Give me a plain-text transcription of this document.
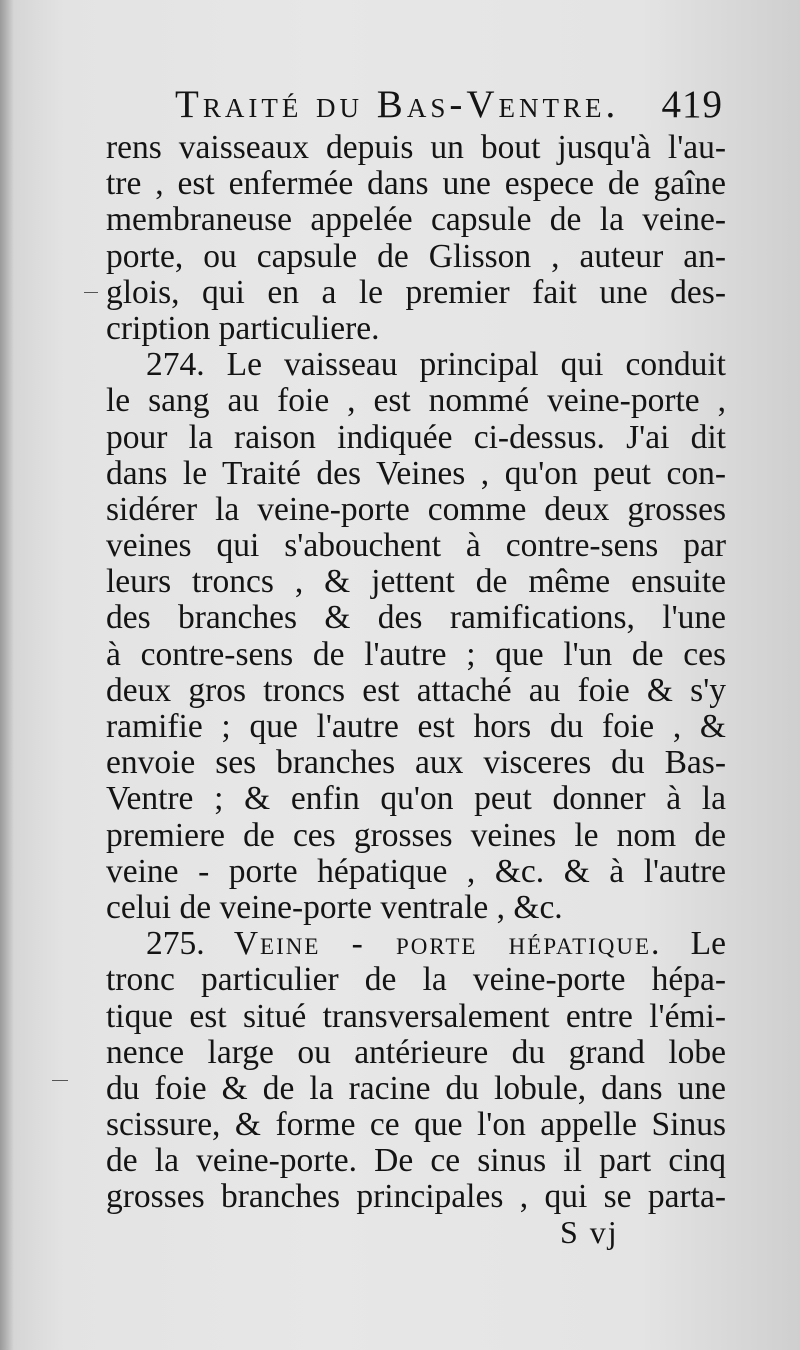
Traité du Bas-Ventre. 419
rens vaisseaux depuis un bout jusqu'à l'au-
tre , est enfermée dans une espece de gaîne
membraneuse appelée capsule de la veine-
porte, ou capsule de Glisson , auteur an-
glois, qui en a le premier fait une des-
cription particuliere.
274. Le vaisseau principal qui conduit
le sang au foie , est nommé veine-porte ,
pour la raison indiquée ci-dessus. J'ai dit
dans le Traité des Veines , qu'on peut con-
sidérer la veine-porte comme deux grosses
veines qui s'abouchent à contre-sens par
leurs troncs , & jettent de même ensuite
des branches & des ramifications, l'une
à contre-sens de l'autre ; que l'un de ces
deux gros troncs est attaché au foie & s'y
ramifie ; que l'autre est hors du foie , &
envoie ses branches aux visceres du Bas-
Ventre ; & enfin qu'on peut donner à la
premiere de ces grosses veines le nom de
veine - porte hépatique , &c. & à l'autre
celui de veine-porte ventrale , &c.
275. Veine - porte hépatique. Le
tronc particulier de la veine-porte hépa-
tique est situé transversalement entre l'émi-
nence large ou antérieure du grand lobe
du foie & de la racine du lobule, dans une
scissure, & forme ce que l'on appelle Sinus
de la veine-porte. De ce sinus il part cinq
grosses branches principales , qui se parta-
S vj
